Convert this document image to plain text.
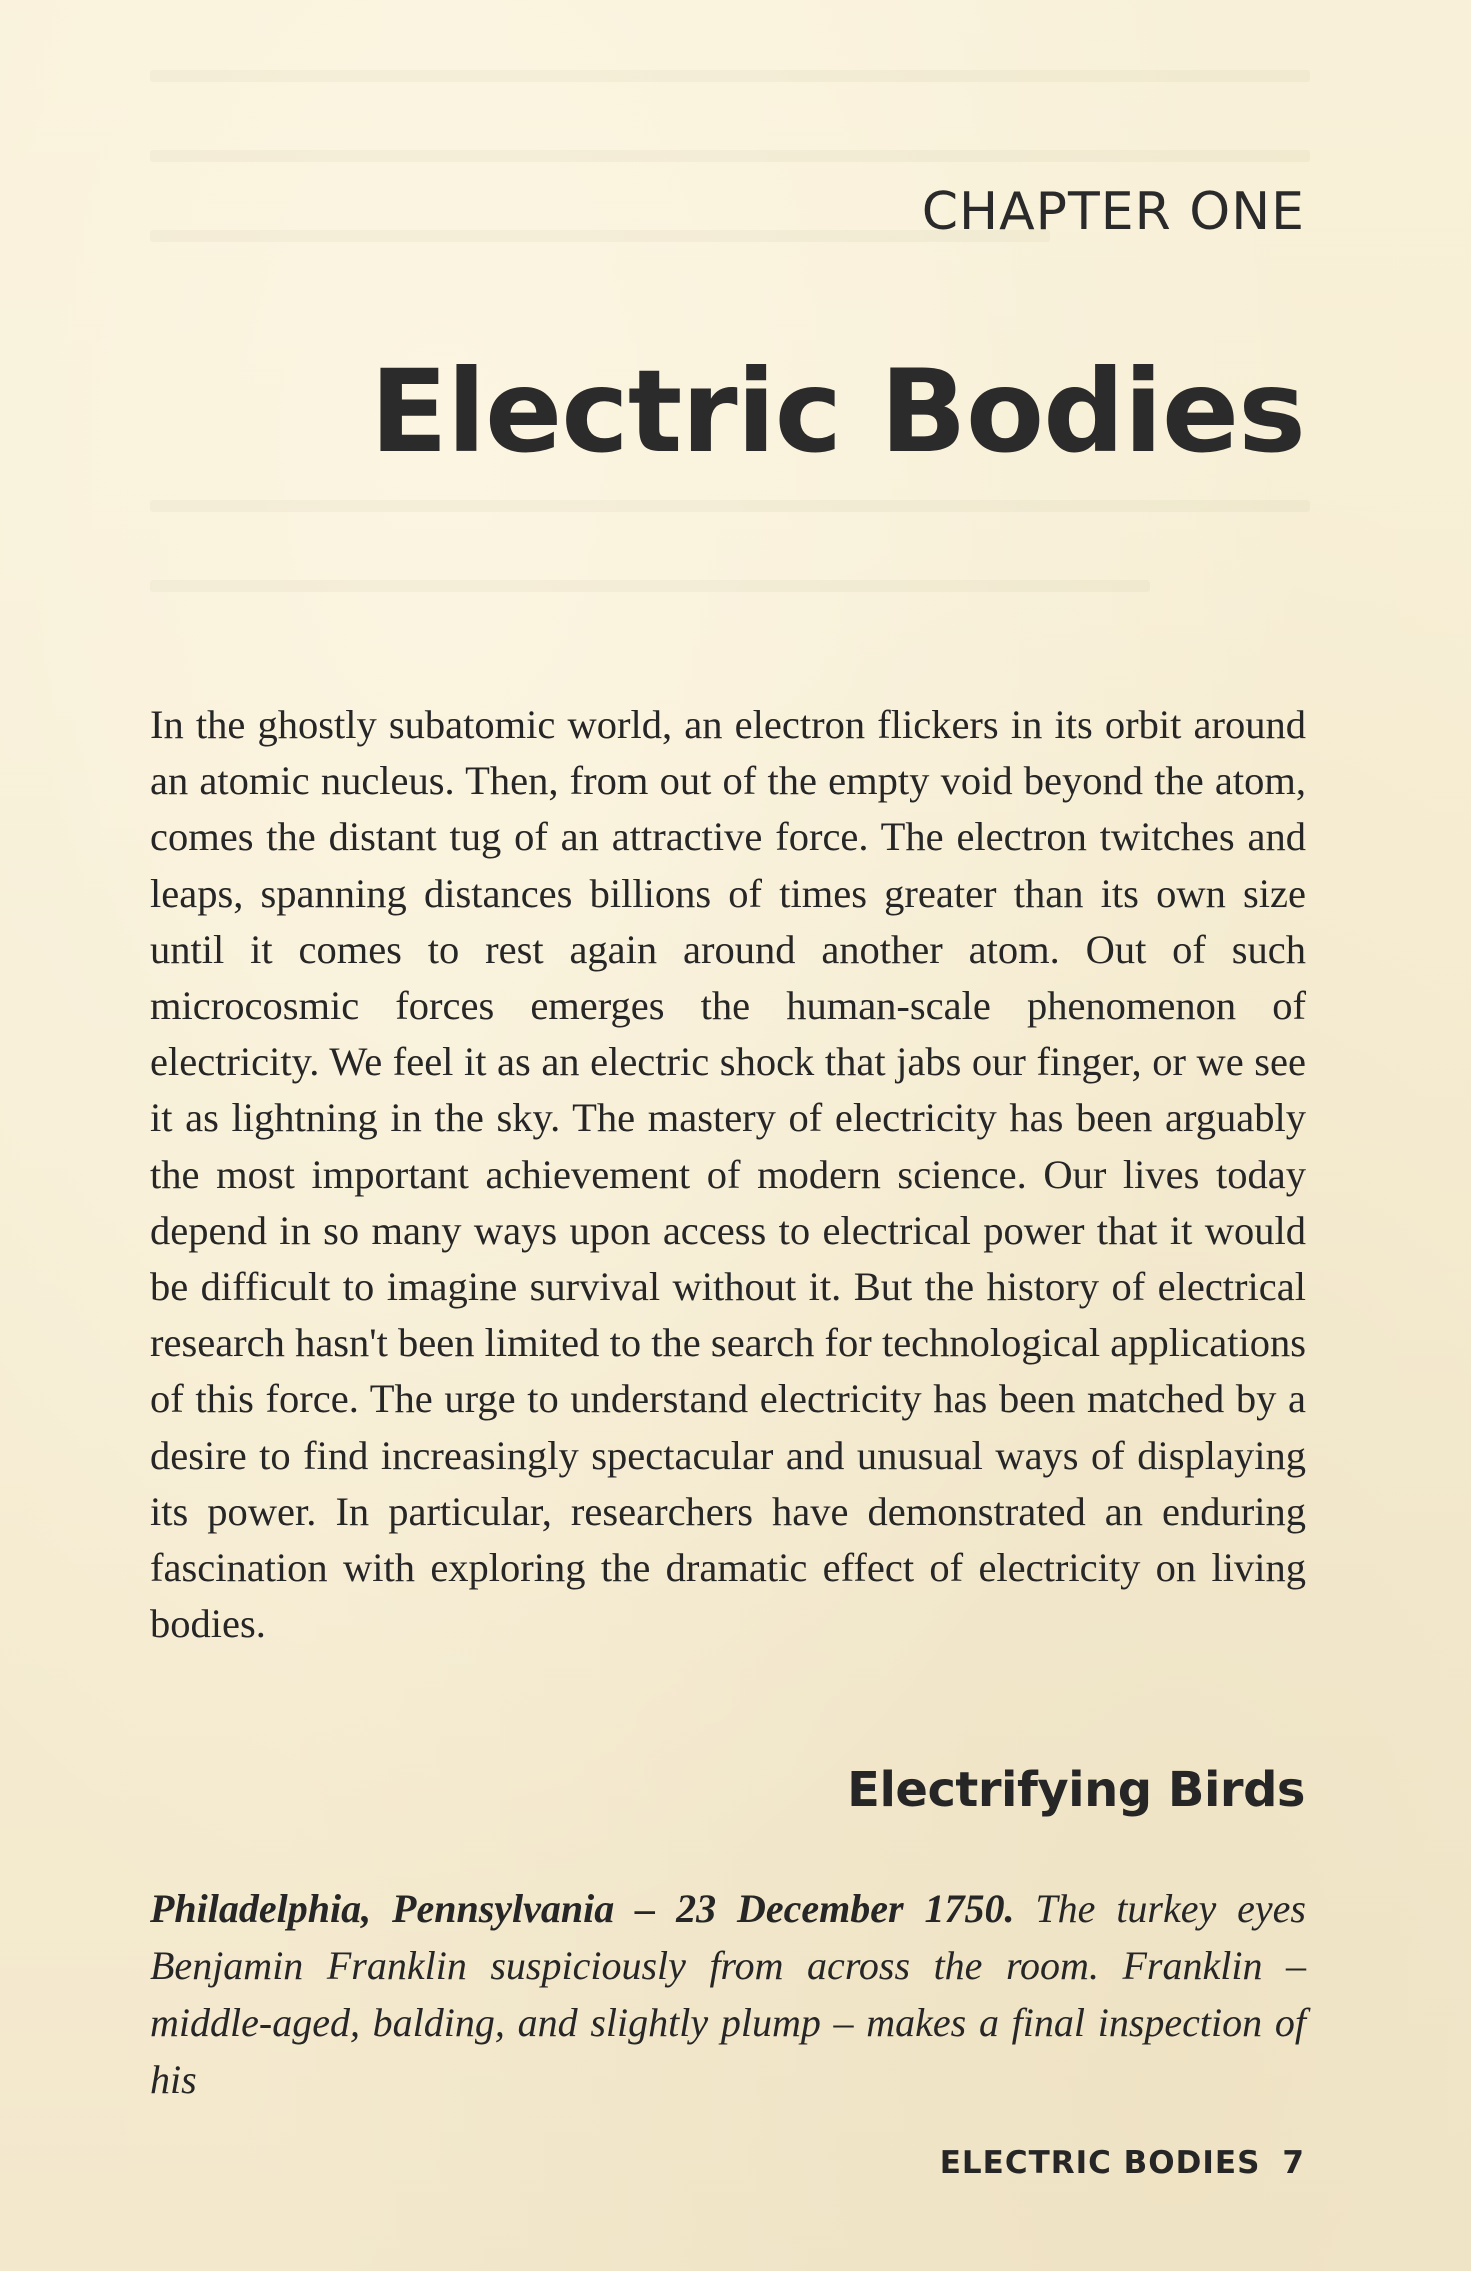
CHAPTER ONE
Electric Bodies

In the ghostly subatomic world, an electron flickers in its orbit around an atomic nucleus. Then, from out of the empty void beyond the atom, comes the distant tug of an attractive force. The electron twitches and leaps, spanning distances billions of times greater than its own size until it comes to rest again around another atom. Out of such microcosmic forces emerges the human-scale phenomenon of electricity. We feel it as an electric shock that jabs our finger, or we see it as lightning in the sky. The mastery of electricity has been arguably the most important achievement of modern science. Our lives today depend in so many ways upon access to electrical power that it would be difficult to imagine survival without it. But the history of electrical research hasn't been limited to the search for technological applications of this force. The urge to understand electricity has been matched by a desire to find increasingly spectacular and unusual ways of displaying its power. In particular, researchers have demonstrated an enduring fascination with exploring the dramatic effect of electricity on living bodies.

Electrifying Birds

Philadelphia, Pennsylvania – 23 December 1750. The turkey eyes Benjamin Franklin suspiciously from across the room. Franklin – middle-aged, balding, and slightly plump – makes a final inspection of his

ELECTRIC BODIES 7
